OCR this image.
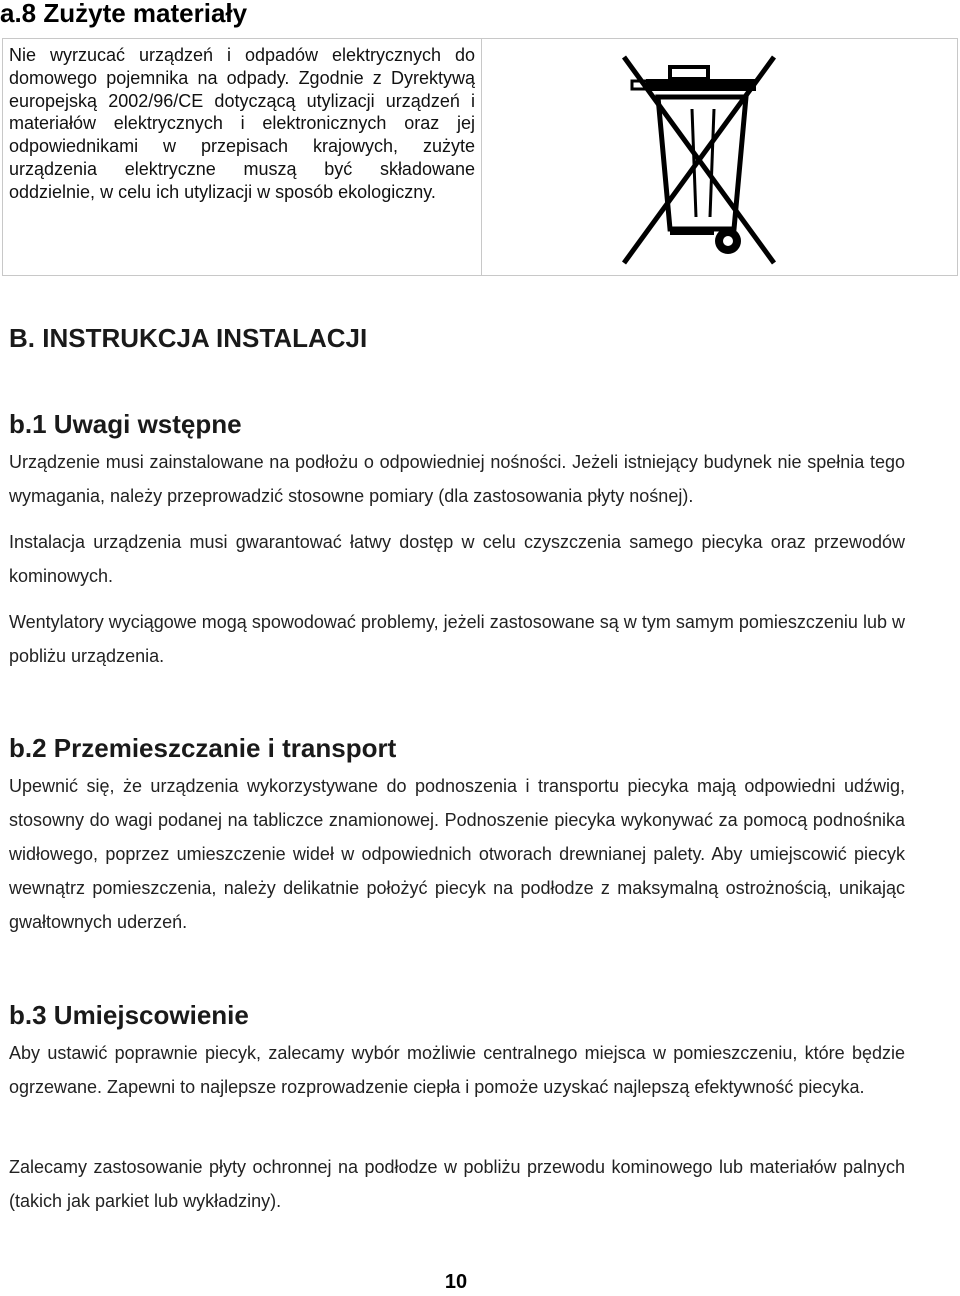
a.8 Zużyte materiały

Nie wyrzucać urządzeń i odpadów elektrycznych do domowego pojemnika na odpady. Zgodnie z Dyrektywą europejską 2002/96/CE dotyczącą utylizacji urządzeń i materiałów elektrycznych i elektronicznych oraz jej odpowiednikami w przepisach krajowych, zużyte urządzenia elektryczne muszą być składowane oddzielnie, w celu ich utylizacji w sposób ekologiczny.

B. INSTRUKCJA INSTALACJI
b.1 Uwagi wstępne

Urządzenie musi zainstalowane na podłożu o odpowiedniej nośności. Jeżeli istniejący budynek nie spełnia tego wymagania, należy przeprowadzić stosowne pomiary (dla zastosowania płyty nośnej).

Instalacja urządzenia musi gwarantować łatwy dostęp w celu czyszczenia samego piecyka oraz przewodów kominowych.

Wentylatory wyciągowe mogą spowodować problemy, jeżeli zastosowane są w tym samym pomieszczeniu lub w pobliżu urządzenia.

b.2 Przemieszczanie i transport

Upewnić się, że urządzenia wykorzystywane do podnoszenia i transportu piecyka mają odpowiedni udźwig, stosowny do wagi podanej na tabliczce znamionowej. Podnoszenie piecyka wykonywać za pomocą podnośnika widłowego, poprzez umieszczenie wideł w odpowiednich otworach drewnianej palety. Aby umiejscowić piecyk wewnątrz pomieszczenia, należy delikatnie położyć piecyk na podłodze z maksymalną ostrożnością, unikając gwałtownych uderzeń.

b.3 Umiejscowienie

Aby ustawić poprawnie piecyk, zalecamy wybór możliwie centralnego miejsca w pomieszczeniu, które będzie ogrzewane. Zapewni to najlepsze rozprowadzenie ciepła i pomoże uzyskać najlepszą efektywność piecyka.

Zalecamy zastosowanie płyty ochronnej na podłodze w pobliżu przewodu kominowego lub materiałów palnych (takich jak parkiet lub wykładziny).

10
